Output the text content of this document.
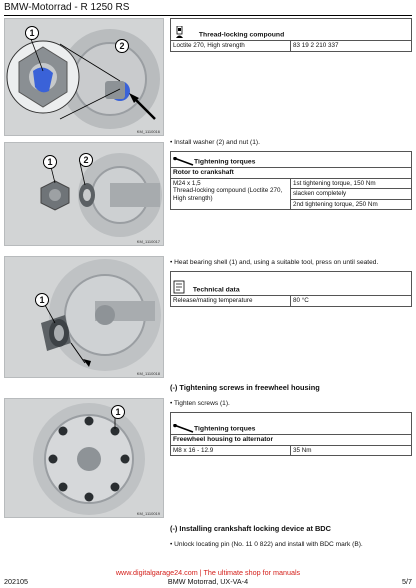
BMW-Motorrad - R 1250 RS
1
2
KM_1110016
Thread-locking compound
Loctite 270, High strength	83 19 2 210 337
1	2
KM_1110017
• Install washer (2) and nut (1).
Tightening torques
Rotor to crankshaft

M24 x 1,5
Thread-locking compound (Loctite 270, High strength)
	1st tightening torque, 150 Nm
slacken completely
2nd tightening torque, 250 Nm
1
KM_1110018
• Heat bearing shell (1) and, using a suitable tool, press on until seated.
Technical data
Release/mating temperature	80 °C
(-) Tightening screws in freewheel housing
1
KM_1110019
• Tighten screws (1).
Tightening torques
Freewheel housing to alternator
M8 x 16 - 12.9	35 Nm
(-) Installing crankshaft locking device at BDC
• Unlock locating pin (No. 11 0 822) and install with BDC mark (B).
www.digitalgarage24.com | The ultimate shop for manuals
202105	BMW Motorrad, UX-VA-4	5/7
